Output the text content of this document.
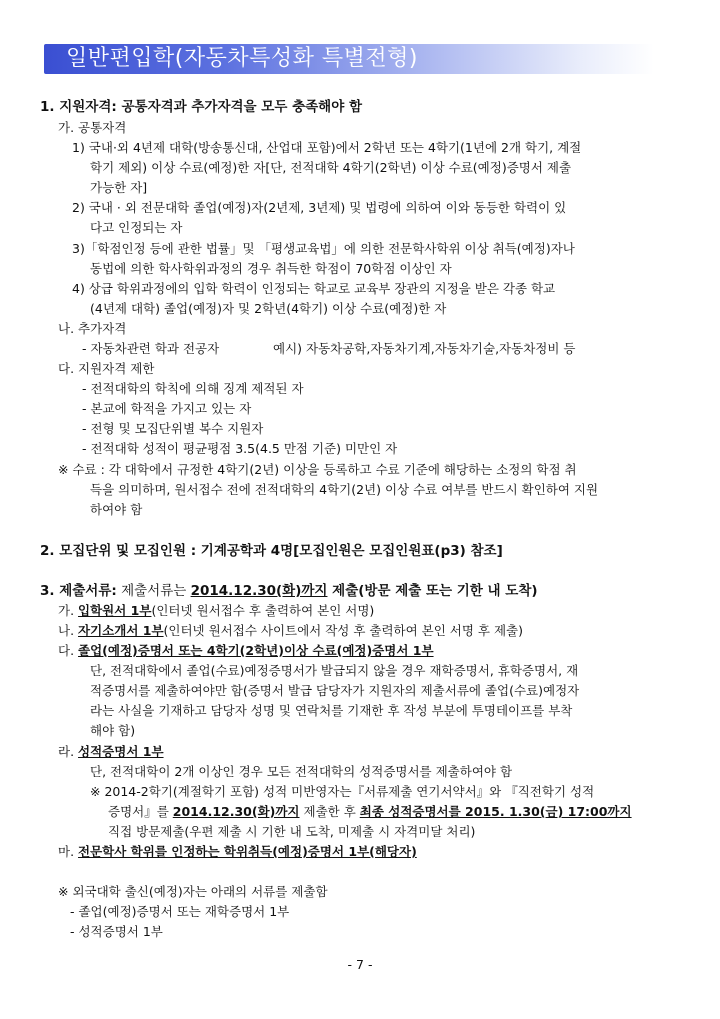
일반편입학(자동차특성화 특별전형)
1. 지원자격: 공통자격과 추가자격을 모두 충족해야 함
가. 공통자격
1) 국내·외 4년제 대학(방송통신대, 산업대 포함)에서 2학년 또는 4학기(1년에 2개 학기, 계절
학기 제외) 이상 수료(예정)한 자[단, 전적대학 4학기(2학년) 이상 수료(예정)증명서 제출
가능한 자]
2) 국내 · 외 전문대학 졸업(예정)자(2년제, 3년제) 및 법령에 의하여 이와 동등한 학력이 있
다고 인정되는 자
3)「학점인정 등에 관한 법률」및 「평생교육법」에 의한 전문학사학위 이상 취득(예정)자나
동법에 의한 학사학위과정의 경우 취득한 학점이 70학점 이상인 자
4) 상급 학위과정에의 입학 학력이 인정되는 학교로 교육부 장관의 지정을 받은 각종 학교
(4년제 대학) 졸업(예정)자 및 2학년(4학기) 이상 수료(예정)한 자
나. 추가자격
- 자동차관련 학과 전공자	예시) 자동차공학,자동차기계,자동차기술,자동차정비 등
다. 지원자격 제한
- 전적대학의 학칙에 의해 징계 제적된 자
- 본교에 학적을 가지고 있는 자
- 전형 및 모집단위별 복수 지원자
- 전적대학 성적이 평균평점 3.5(4.5 만점 기준) 미만인 자
※ 수료 : 각 대학에서 규정한 4학기(2년) 이상을 등록하고 수료 기준에 해당하는 소정의 학점 취
득을 의미하며, 원서접수 전에 전적대학의 4학기(2년) 이상 수료 여부를 반드시 확인하여 지원
하여야 함
2. 모집단위 및 모집인원 : 기계공학과 4명[모집인원은 모집인원표(p3) 참조]
3. 제출서류: 제출서류는 2014.12.30(화)까지 제출(방문 제출 또는 기한 내 도착)
가. 입학원서 1부(인터넷 원서접수 후 출력하여 본인 서명)
나. 자기소개서 1부(인터넷 원서접수 사이트에서 작성 후 출력하여 본인 서명 후 제출)
다. 졸업(예정)증명서 또는 4학기(2학년)이상 수료(예정)증명서 1부
단, 전적대학에서 졸업(수료)예정증명서가 발급되지 않을 경우 재학증명서, 휴학증명서, 재
적증명서를 제출하여야만 함(증명서 발급 담당자가 지원자의 제출서류에 졸업(수료)예정자
라는 사실을 기재하고 담당자 성명 및 연락처를 기재한 후 작성 부분에 투명테이프를 부착
해야 함)
라. 성적증명서 1부
단, 전적대학이 2개 이상인 경우 모든 전적대학의 성적증명서를 제출하여야 함
※ 2014-2학기(계절학기 포함) 성적 미반영자는『서류제출 연기서약서』와 『직전학기 성적
증명서』를 2014.12.30(화)까지 제출한 후 최종 성적증명서를 2015. 1.30(금) 17:00까지
직접 방문제출(우편 제출 시 기한 내 도착, 미제출 시 자격미달 처리)
마. 전문학사 학위를 인정하는 학위취득(예정)증명서 1부(해당자)
※ 외국대학 출신(예정)자는 아래의 서류를 제출함
- 졸업(예정)증명서 또는 재학증명서 1부
- 성적증명서 1부
- 7 -
